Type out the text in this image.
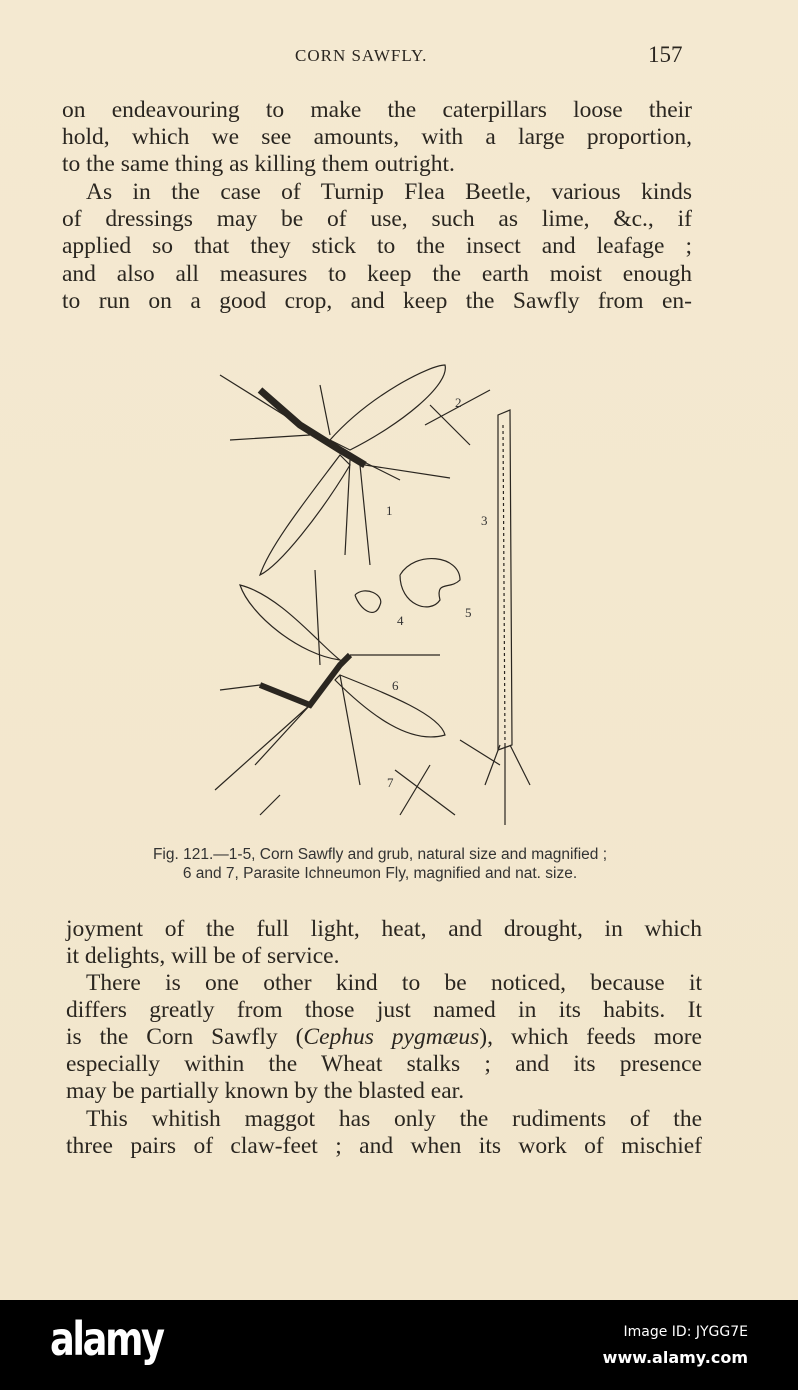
CORN SAWFLY.	157
on endeavouring to make the caterpillars loose their
hold, which we see amounts, with a large proportion,
to the same thing as killing them outright.
As in the case of Turnip Flea Beetle, various kinds
of dressings may be of use, such as lime, &c., if
applied so that they stick to the insect and leafage ;
and also all measures to keep the earth moist enough
to run on a good crop, and keep the Sawfly from en-
2
1
3
4
5
6
7
Fig. 121.—1-5, Corn Sawfly and grub, natural size and magnified ;
6 and 7, Parasite Ichneumon Fly, magnified and nat. size.
joyment of the full light, heat, and drought, in which
it delights, will be of service.
There is one other kind to be noticed, because it
differs greatly from those just named in its habits. It
is the Corn Sawfly (Cephus pygmæus), which feeds more
especially within the Wheat stalks ; and its presence
may be partially known by the blasted ear.
This whitish maggot has only the rudiments of the
three pairs of claw-feet ; and when its work of mischief
alamy	Image ID: JYGG7E
www.alamy.com
